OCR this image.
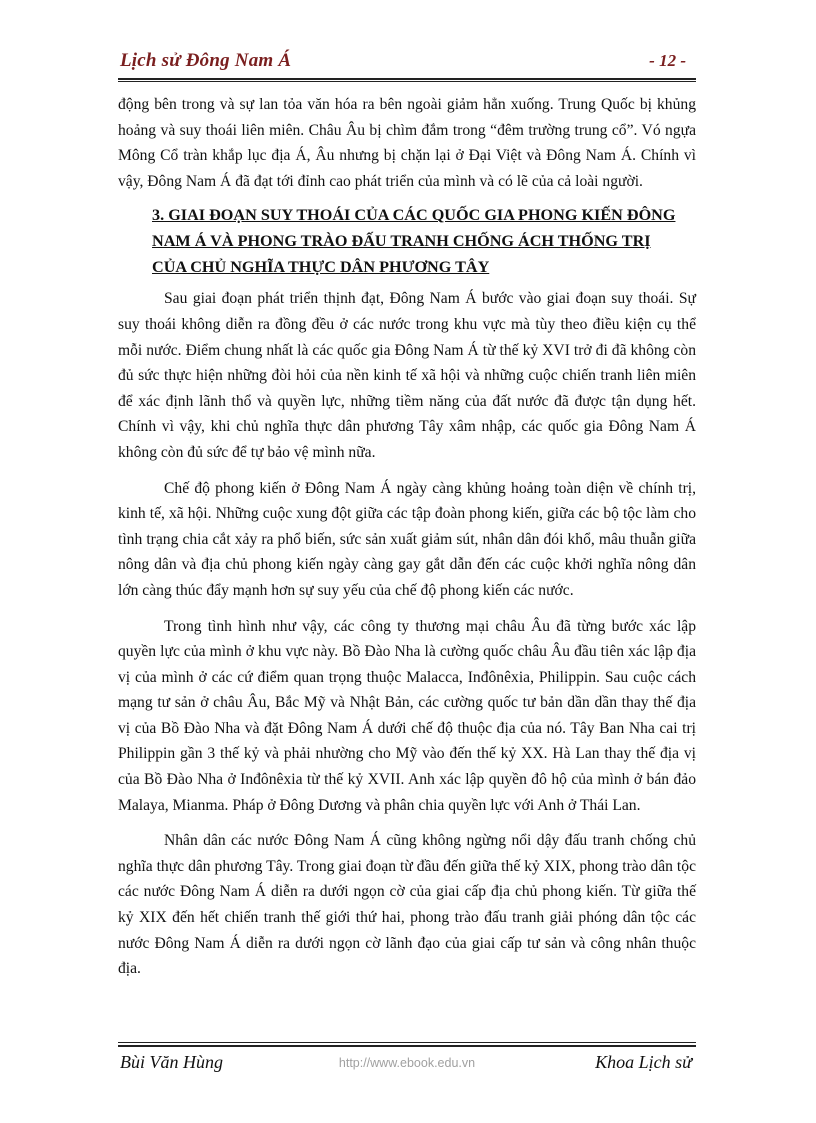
Lịch sử Đông Nam Á	- 12 -

động bên trong và sự lan tỏa văn hóa ra bên ngoài giảm hẳn xuống. Trung Quốc bị khủng hoảng và suy thoái liên miên. Châu Âu bị chìm đắm trong “đêm trường trung cổ”. Vó ngựa Mông Cổ tràn khắp lục địa Á, Âu nhưng bị chặn lại ở Đại Việt và Đông Nam Á. Chính vì vậy, Đông Nam Á đã đạt tới đỉnh cao phát triển của mình và có lẽ của cả loài người.

3. GIAI ĐOẠN SUY THOÁI CỦA CÁC QUỐC GIA PHONG KIẾN ĐÔNG NAM Á VÀ PHONG TRÀO ĐẤU TRANH CHỐNG ÁCH THỐNG TRỊ CỦA CHỦ NGHĨA THỰC DÂN PHƯƠNG TÂY

Sau giai đoạn phát triển thịnh đạt, Đông Nam Á bước vào giai đoạn suy thoái. Sự suy thoái không diễn ra đồng đều ở các nước trong khu vực mà tùy theo điều kiện cụ thể mỗi nước. Điểm chung nhất là các quốc gia Đông Nam Á từ thế kỷ XVI trở đi đã không còn đủ sức thực hiện những đòi hỏi của nền kinh tế xã hội và những cuộc chiến tranh liên miên để xác định lãnh thổ và quyền lực, những tiềm năng của đất nước đã được tận dụng hết. Chính vì vậy, khi chủ nghĩa thực dân phương Tây xâm nhập, các quốc gia Đông Nam Á không còn đủ sức để tự bảo vệ mình nữa.

Chế độ phong kiến ở Đông Nam Á ngày càng khủng hoảng toàn diện về chính trị, kinh tế, xã hội. Những cuộc xung đột giữa các tập đoàn phong kiến, giữa các bộ tộc làm cho tình trạng chia cắt xảy ra phổ biến, sức sản xuất giảm sút, nhân dân đói khổ, mâu thuẫn giữa nông dân và địa chủ phong kiến ngày càng gay gắt dẫn đến các cuộc khởi nghĩa nông dân lớn càng thúc đẩy mạnh hơn sự suy yếu của chế độ phong kiến các nước.

Trong tình hình như vậy, các công ty thương mại châu Âu đã từng bước xác lập quyền lực của mình ở khu vực này. Bồ Đào Nha là cường quốc châu Âu đầu tiên xác lập địa vị của mình ở các cứ điểm quan trọng thuộc Malacca, Inđônêxia, Philippin. Sau cuộc cách mạng tư sản ở châu Âu, Bắc Mỹ và Nhật Bản, các cường quốc tư bản dần dần thay thế địa vị của Bồ Đào Nha và đặt Đông Nam Á dưới chế độ thuộc địa của nó. Tây Ban Nha cai trị Philippin gần 3 thế kỷ và phải nhường cho Mỹ vào đến thế kỷ XX. Hà Lan thay thế địa vị của Bồ Đào Nha ở Inđônêxia từ thế kỷ XVII. Anh xác lập quyền đô hộ của mình ở bán đảo Malaya, Mianma. Pháp ở Đông Dương và phân chia quyền lực với Anh ở Thái Lan.

Nhân dân các nước Đông Nam Á cũng không ngừng nổi dậy đấu tranh chống chủ nghĩa thực dân phương Tây. Trong giai đoạn từ đầu đến giữa thế kỷ XIX, phong trào dân tộc các nước Đông Nam Á diễn ra dưới ngọn cờ của giai cấp địa chủ phong kiến. Từ giữa thế kỷ XIX đến hết chiến tranh thế giới thứ hai, phong trào đấu tranh giải phóng dân tộc các nước Đông Nam Á diễn ra dưới ngọn cờ lãnh đạo của giai cấp tư sản và công nhân thuộc địa.

Bùi Văn Hùng	http://www.ebook.edu.vn	Khoa Lịch sử
